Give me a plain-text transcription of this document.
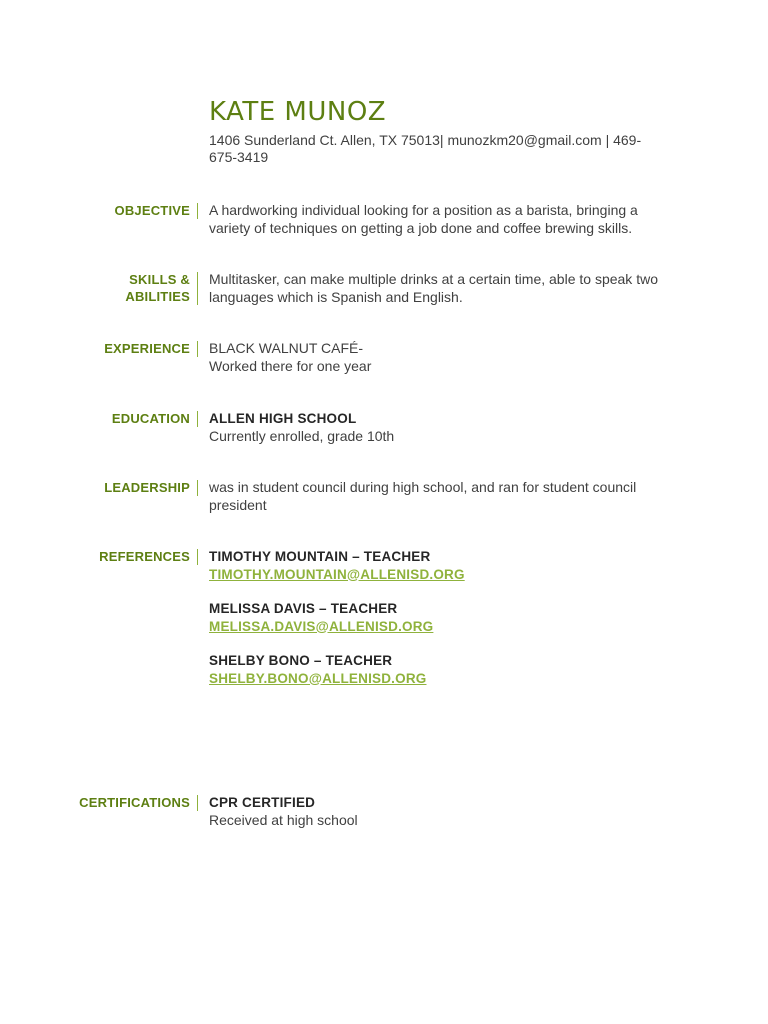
KATE MUNOZ
1406 Sunderland Ct. Allen, TX 75013| munozkm20@gmail.com | 469-675-3419
OBJECTIVE A hardworking individual looking for a position as a barista, bringing a variety of techniques on getting a job done and coffee brewing skills.
SKILLS &
ABILITIES
Multitasker, can make multiple drinks at a certain time, able to speak two languages which is Spanish and English.
EXPERIENCE BLACK WALNUT CAFÉ-
Worked there for one year
EDUCATION ALLEN HIGH SCHOOL
Currently enrolled, grade 10th
LEADERSHIP was in student council during high school, and ran for student council president
REFERENCES TIMOTHY MOUNTAIN – TEACHER
TIMOTHY.MOUNTAIN@ALLENISD.ORG
MELISSA DAVIS – TEACHER
MELISSA.DAVIS@ALLENISD.ORG
SHELBY BONO – TEACHER
SHELBY.BONO@ALLENISD.ORG
CERTIFICATIONS CPR CERTIFIED
Received at high school
